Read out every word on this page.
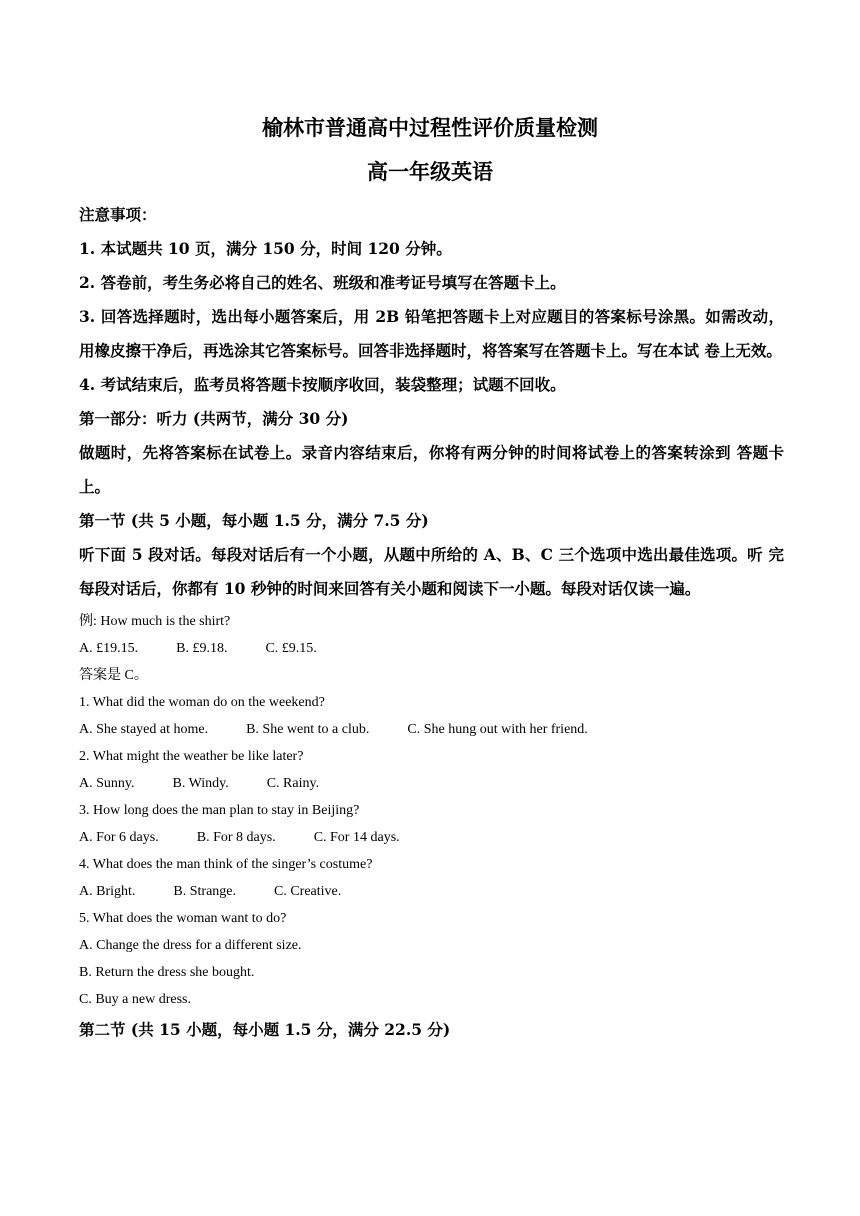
榆林市普通高中过程性评价质量检测
高一年级英语

注意事项：

1. 本试题共 10 页，满分 150 分，时间 120 分钟。

2. 答卷前，考生务必将自己的姓名、班级和准考证号填写在答题卡上。

3. 回答选择题时，选出每小题答案后，用 2B 铅笔把答题卡上对应题目的答案标号涂黑。如需改动，用橡皮擦干净后，再选涂其它答案标号。回答非选择题时，将答案写在答题卡上。写在本试 卷上无效。

4. 考试结束后，监考员将答题卡按顺序收回，装袋整理；试题不回收。

第一部分：听力 (共两节，满分 30 分)

做题时，先将答案标在试卷上。录音内容结束后，你将有两分钟的时间将试卷上的答案转涂到 答题卡上。

第一节 (共 5 小题，每小题 1.5 分，满分 7.5 分)

听下面 5 段对话。每段对话后有一个小题，从题中所给的 A、B、C 三个选项中选出最佳选项。听 完每段对话后，你都有 10 秒钟的时间来回答有关小题和阅读下一小题。每段对话仅读一遍。

例: How much is the shirt?

A. £19.15.	B. £9.18.	C. £9.15.

答案是 C。

1. What did the woman do on the weekend?

A. She stayed at home.	B. She went to a club.	C. She hung out with her friend.

2. What might the weather be like later?

A. Sunny.	B. Windy.	C. Rainy.

3. How long does the man plan to stay in Beijing?

A. For 6 days.	B. For 8 days.	C. For 14 days.

4. What does the man think of the singer’s costume?

A. Bright.	B. Strange.	C. Creative.

5. What does the woman want to do?

A. Change the dress for a different size.

B. Return the dress she bought.

C. Buy a new dress.

第二节 (共 15 小题，每小题 1.5 分，满分 22.5 分)
